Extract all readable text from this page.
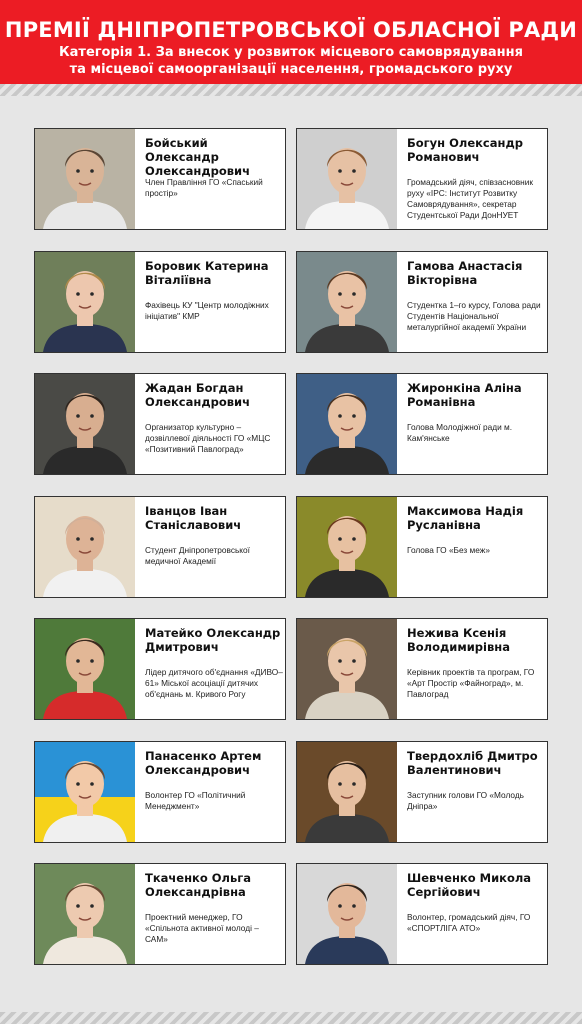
ПРЕМІЇ ДНІПРОПЕТРОВСЬКОЇ ОБЛАСНОЇ РАДИ
Категорія 1. За внесок у розвиток місцевого самоврядування
та місцевої самоорганізації населення, громадського руху
Бойський Олександр Олександрович
Член Правління ГО «Спаський простір»
Богун Олександр Романович
Громадський діяч, співзасновник руху «IPC: Інститут Розвитку Самоврядування», секретар Студентської Ради ДонНУЕТ
Боровик Катерина Віталіївна
Фахівець КУ "Центр молодіжних ініціатив" КМР
Гамова Анастасія Вікторівна
Студентка 1–го курсу, Голова ради Студентів Національної металургійної академії України
Жадан Богдан Олександрович
Организатор культурно – дозвіллевої діяльності ГО «МЦС «Позитивний Павлоград»
Жиронкіна Аліна Романівна
Голова Молодіжної ради м. Кам'янське
Іванцов Іван Станіславович
Студент Дніпропетровської медичної Академії
Максимова Надія Русланівна
Голова ГО «Без меж»
Матейко Олександр Дмитрович
Лідер дитячого об'єднання «ДИВО–61» Міської асоціації дитячих об'єднань м. Кривого Рогу
Нежива Ксенія Володимирівна
Керівник проектів та програм, ГО «Арт Простір «Файноград», м. Павлоград
Панасенко Артем Олександрович
Волонтер ГО «Політичний Менеджмент»
Твердохліб Дмитро Валентинович
Заступник голови ГО «Молодь Дніпра»
Ткаченко Ольга Олександрівна
Проектний менеджер, ГО «Спільнота активної молоді – САМ»
Шевченко Микола Сергійович
Волонтер, громадський діяч, ГО «СПОРТЛІГА АТО»
